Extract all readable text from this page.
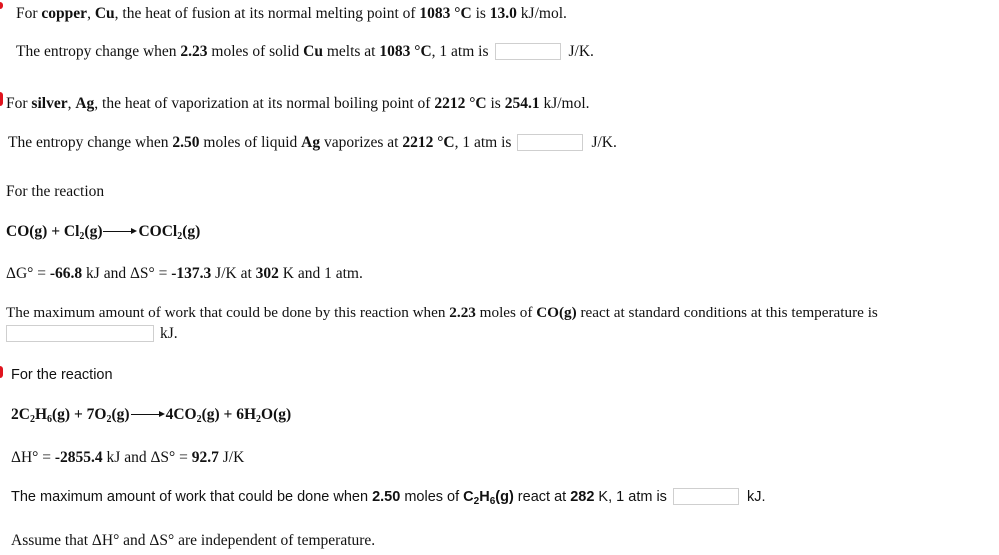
For copper, Cu, the heat of fusion at its normal melting point of 1083 °C is 13.0 kJ/mol.
The entropy change when 2.23 moles of solid Cu melts at 1083 °C, 1 atm is	J/K.
For silver, Ag, the heat of vaporization at its normal boiling point of 2212 °C is 254.1 kJ/mol.
The entropy change when 2.50 moles of liquid Ag vaporizes at 2212 °C, 1 atm is	J/K.
For the reaction
$CO(g) + Cl_2(g)$ COCl$_2$(g)
ΔG° = -66.8 kJ and ΔS° = -137.3 J/K at 302 K and 1 atm.
The maximum amount of work that could be done by this reaction when 2.23 moles of CO(g) react at standard conditions at this temperature is
kJ.
For the reaction
$2C_2H_6(g) + 7O_2(g) 4CO_2(g) + 6H_2O(g)$
ΔH° = -2855.4 kJ and ΔS° = 92.7 J/K
The maximum amount of work that could be done when 2.50 moles of $C_2H_6(g)$ react at 282 K, 1 atm is	kJ.
Assume that ΔH° and ΔS° are independent of temperature.
